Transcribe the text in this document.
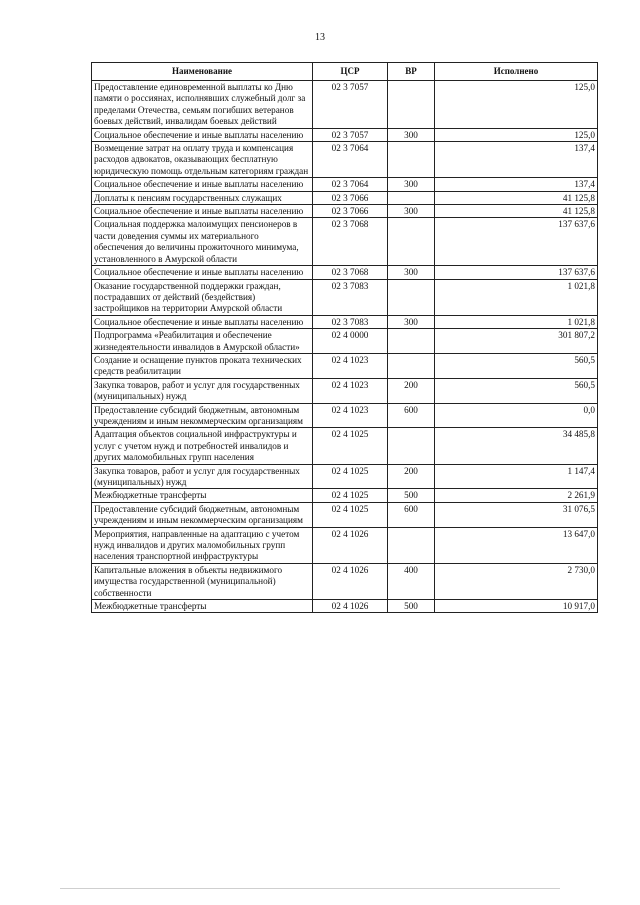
13
Наименование	ЦСР	ВР	Исполнено
Предоставление единовременной выплаты ко Дню памяти о россиянах, исполнявших служебный долг за пределами Отечества, семьям погибших ветеранов боевых действий, инвалидам боевых действий	02 3 7057		125,0
Социальное обеспечение и иные выплаты населению	02 3 7057	300	125,0
Возмещение затрат на оплату труда и компенсация расходов адвокатов, оказывающих бесплатную юридическую помощь отдельным категориям граждан	02 3 7064		137,4
Социальное обеспечение и иные выплаты населению	02 3 7064	300	137,4
Доплаты к пенсиям государственных служащих	02 3 7066		41 125,8
Социальное обеспечение и иные выплаты населению	02 3 7066	300	41 125,8
Социальная поддержка малоимущих пенсионеров в части доведения суммы их материального обеспечения до величины прожиточного минимума, установленного в Амурской области	02 3 7068		137 637,6
Социальное обеспечение и иные выплаты населению	02 3 7068	300	137 637,6
Оказание государственной поддержки граждан, пострадавших от действий (бездействия) застройщиков на территории Амурской области	02 3 7083		1 021,8
Социальное обеспечение и иные выплаты населению	02 3 7083	300	1 021,8
Подпрограмма «Реабилитация и обеспечение жизнедеятельности инвалидов в Амурской области»	02 4 0000		301 807,2
Создание и оснащение пунктов проката технических средств реабилитации	02 4 1023		560,5
Закупка товаров, работ и услуг для государственных (муниципальных) нужд	02 4 1023	200	560,5
Предоставление субсидий бюджетным, автономным учреждениям и иным некоммерческим организациям	02 4 1023	600	0,0
Адаптация объектов социальной инфраструктуры и услуг с учетом нужд и потребностей инвалидов и других маломобильных групп населения	02 4 1025		34 485,8
Закупка товаров, работ и услуг для государственных (муниципальных) нужд	02 4 1025	200	1 147,4
Межбюджетные трансферты	02 4 1025	500	2 261,9
Предоставление субсидий бюджетным, автономным учреждениям и иным некоммерческим организациям	02 4 1025	600	31 076,5
Мероприятия, направленные на адаптацию с учетом нужд инвалидов и других маломобильных групп населения транспортной инфраструктуры	02 4 1026		13 647,0
Капитальные вложения в объекты недвижимого имущества государственной (муниципальной) собственности	02 4 1026	400	2 730,0
Межбюджетные трансферты	02 4 1026	500	10 917,0
